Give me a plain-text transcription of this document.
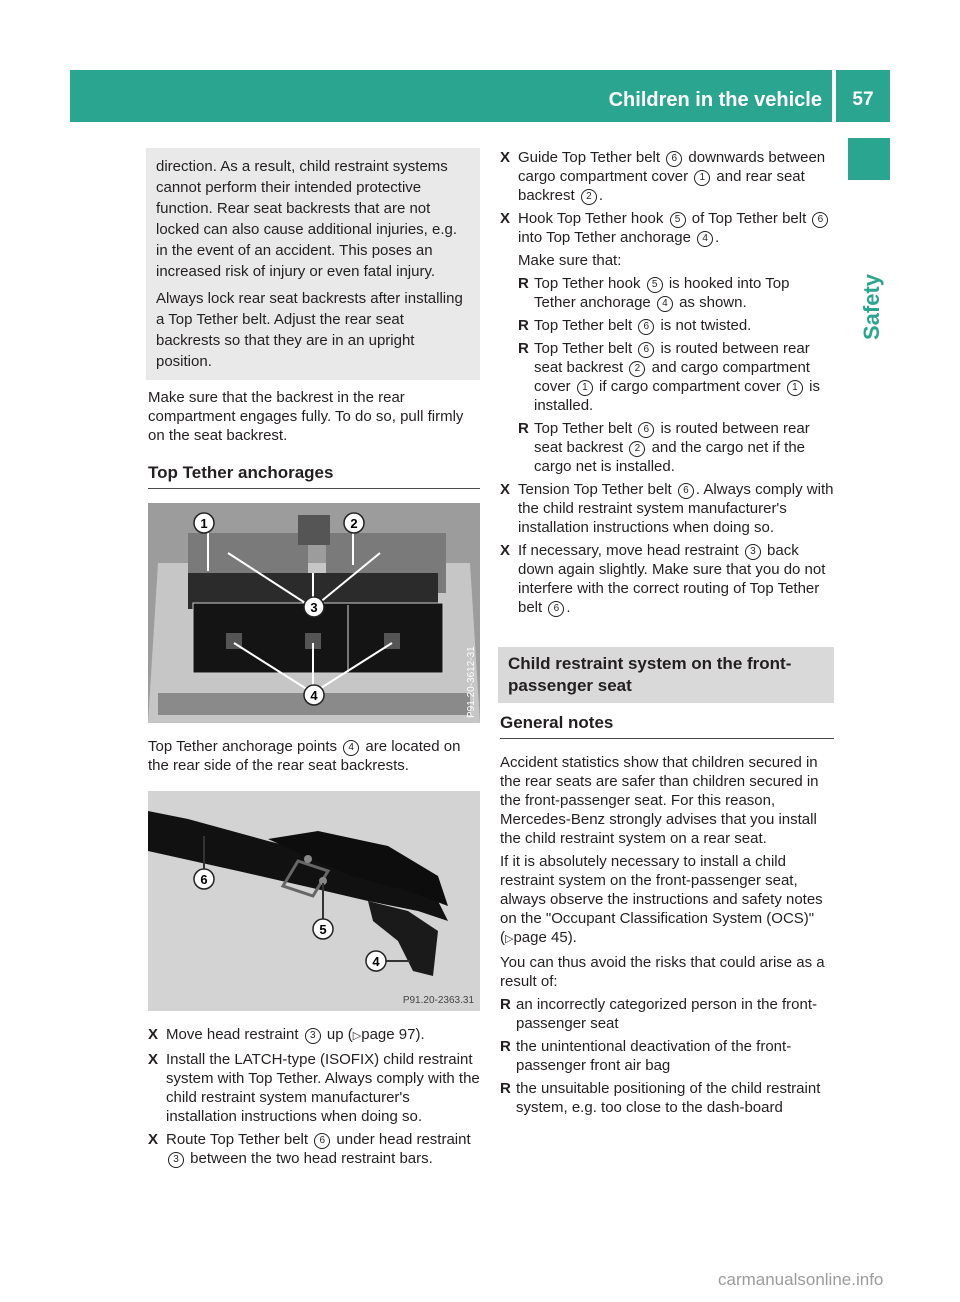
Children in the vehicle	57
Safety

direction. As a result, child restraint systems cannot perform their intended protective function. Rear seat backrests that are not locked can also cause additional injuries, e.g. in the event of an accident. This poses an increased risk of injury or even fatal injury.

Always lock rear seat backrests after installing a Top Tether belt. Adjust the rear seat backrests so that they are in an upright position.

Make sure that the backrest in the rear compartment engages fully. To do so, pull firmly on the seat backrest.

Top Tether anchorages
1	2
3
4	P91.20-3612-31

Top Tether anchorage points 4 are located on the rear side of the rear seat backrests.

6
5
4
P91.20-2363.31
X Move head restraint 3 up (▷page 97).
X Install the LATCH-type (ISOFIX) child restraint system with Top Tether. Always comply with the child restraint system manufacturer's installation instructions when doing so.
X Route Top Tether belt 6 under head restraint 3 between the two head restraint bars.
X Guide Top Tether belt 6 downwards between cargo compartment cover 1 and rear seat backrest 2 .
X Hook Top Tether hook 5 of Top Tether belt 6 into Top Tether anchorage 4 .

Make sure that:

R Top Tether hook 5 is hooked into Top Tether anchorage 4 as shown.
R Top Tether belt 6 is not twisted.
R Top Tether belt 6 is routed between rear seat backrest 2 and cargo compartment cover 1 if cargo compartment cover 1 is installed.
R Top Tether belt 6 is routed between rear seat backrest 2 and the cargo net if the cargo net is installed.
X Tension Top Tether belt 6 . Always comply with the child restraint system manufacturer's installation instructions when doing so.
X If necessary, move head restraint 3 back down again slightly. Make sure that you do not interfere with the correct routing of Top Tether belt 6 .
Child restraint system on the front-passenger seat
General notes

Accident statistics show that children secured in the rear seats are safer than children secured in the front-passenger seat. For this reason, Mercedes-Benz strongly advises that you install the child restraint system on a rear seat.

If it is absolutely necessary to install a child restraint system on the front-passenger seat, always observe the instructions and safety notes on the "Occupant Classification System (OCS)" (▷page 45).

You can thus avoid the risks that could arise as a result of:

R an incorrectly categorized person in the front-passenger seat
R the unintentional deactivation of the front-passenger front air bag
R the unsuitable positioning of the child restraint system, e.g. too close to the dash-board
carmanualsonline.info
